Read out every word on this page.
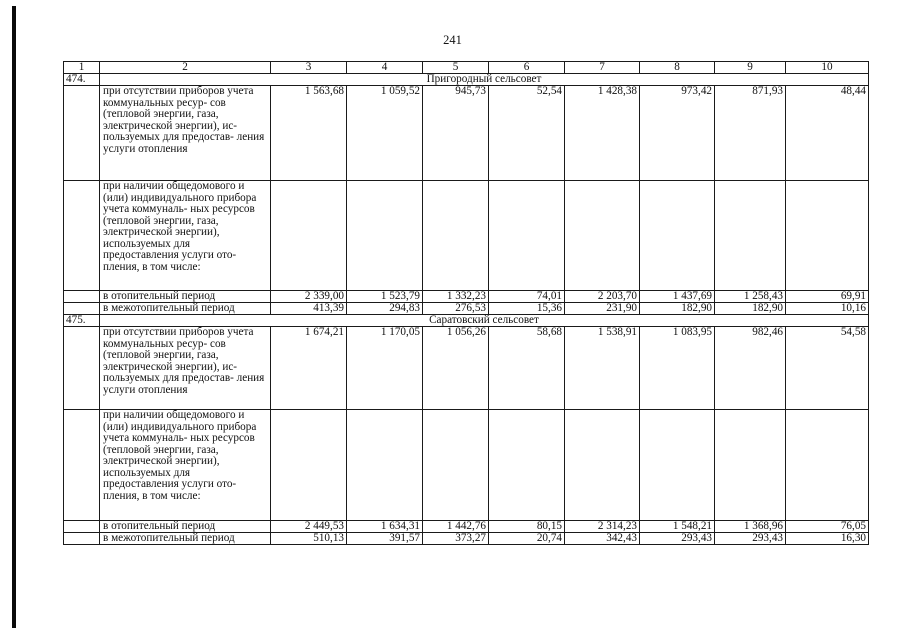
241
1	2	3	4	5	6	7	8	9	10
474.	Пригородный сельсовет								
	при отсутствии приборов учета коммунальных ресур- сов (тепловой энергии, газа, электрической энергии), ис- пользуемых для предостав- ления услуги отопления	1 563,68	1 059,52	945,73	52,54	1 428,38	973,42	871,93	48,44
	при наличии общедомового и (или) индивидуального прибора учета коммуналь- ных ресурсов (тепловой энергии, газа, электрической энергии), используемых для предоставления услуги ото- пления, в том числе:								
	в отопительный период	2 339,00	1 523,79	1 332,23	74,01	2 203,70	1 437,69	1 258,43	69,91
	в межотопительный период	413,39	294,83	276,53	15,36	231,90	182,90	182,90	10,16
475.	Саратовский сельсовет								
	при отсутствии приборов учета коммунальных ресур- сов (тепловой энергии, газа, электрической энергии), ис- пользуемых для предостав- ления услуги отопления	1 674,21	1 170,05	1 056,26	58,68	1 538,91	1 083,95	982,46	54,58
	при наличии общедомового и (или) индивидуального прибора учета коммуналь- ных ресурсов (тепловой энергии, газа, электрической энергии), используемых для предоставления услуги ото- пления, в том числе:								
	в отопительный период	2 449,53	1 634,31	1 442,76	80,15	2 314,23	1 548,21	1 368,96	76,05
	в межотопительный период	510,13	391,57	373,27	20,74	342,43	293,43	293,43	16,30
